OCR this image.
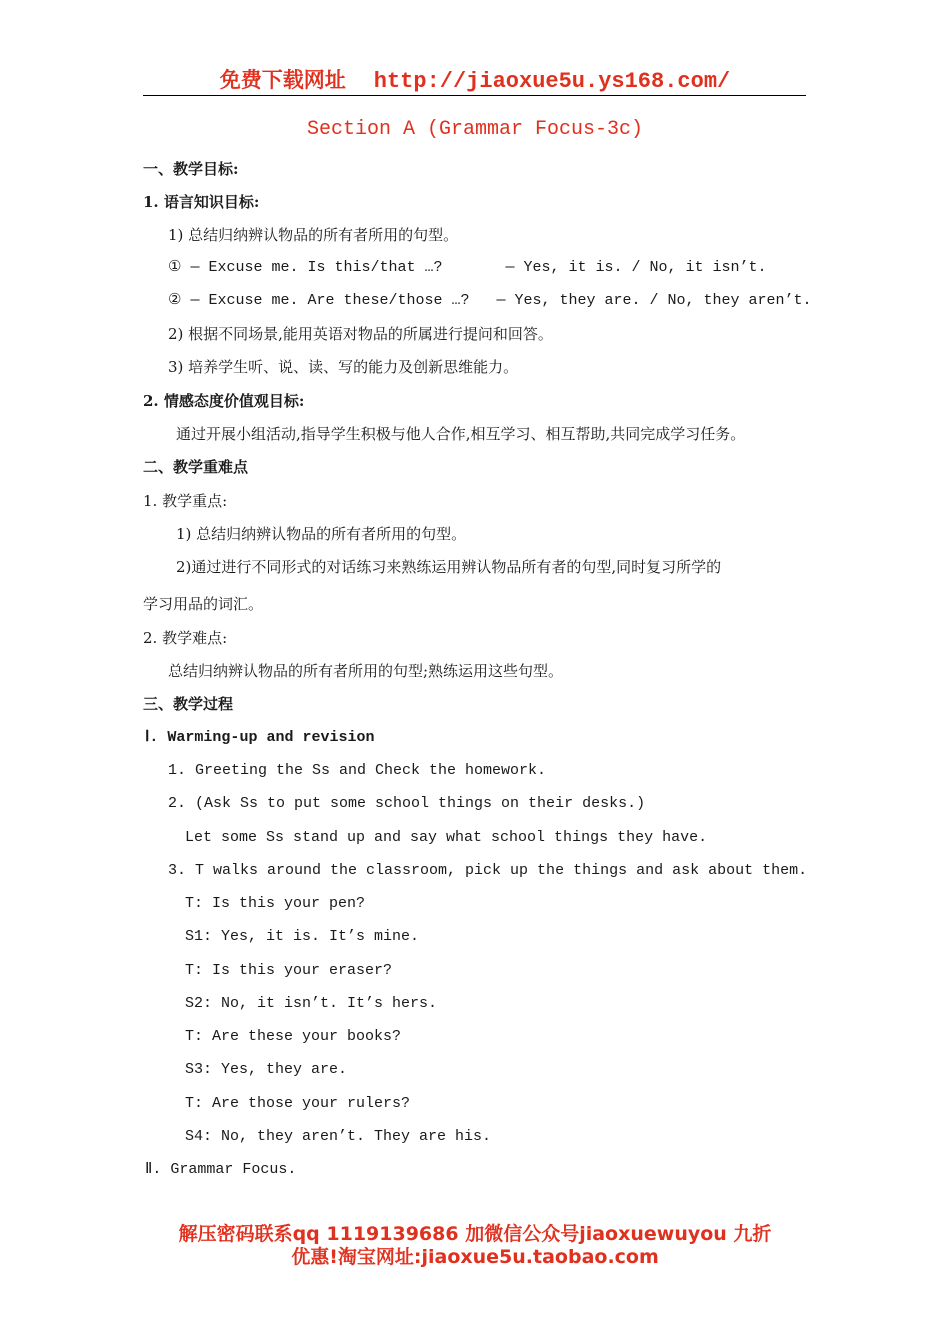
免费下载网址 http://jiaoxue5u.ys168.com/
Section A (Grammar Focus-3c)
一、教学目标:
1. 语言知识目标:
1) 总结归纳辨认物品的所有者所用的句型。
① — Excuse me. Is this/that …?       — Yes, it is. / No, it isn’t.
② — Excuse me. Are these/those …?   — Yes, they are. / No, they aren’t.
2) 根据不同场景,能用英语对物品的所属进行提问和回答。
3) 培养学生听、说、读、写的能力及创新思维能力。
2. 情感态度价值观目标:
通过开展小组活动,指导学生积极与他人合作,相互学习、相互帮助,共同完成学习任务。
二、教学重难点
1. 教学重点:
1) 总结归纳辨认物品的所有者所用的句型。
2)通过进行不同形式的对话练习来熟练运用辨认物品所有者的句型,同时复习所学的
学习用品的词汇。
2. 教学难点:
总结归纳辨认物品的所有者所用的句型;熟练运用这些句型。
三、教学过程
Ⅰ. Warming-up and revision
1. Greeting the Ss and Check the homework.
2. (Ask Ss to put some school things on their desks.)
Let some Ss stand up and say what school things they have.
3. T walks around the classroom, pick up the things and ask about them.
T: Is this your pen?
S1: Yes, it is. It’s mine.
T: Is this your eraser?
S2: No, it isn’t. It’s hers.
T: Are these your books?
S3: Yes, they are.
T: Are those your rulers?
S4: No, they aren’t. They are his.
Ⅱ. Grammar Focus.
解压密码联系qq 1119139686 加微信公众号jiaoxuewuyou 九折
优惠!淘宝网址:jiaoxue5u.taobao.com
